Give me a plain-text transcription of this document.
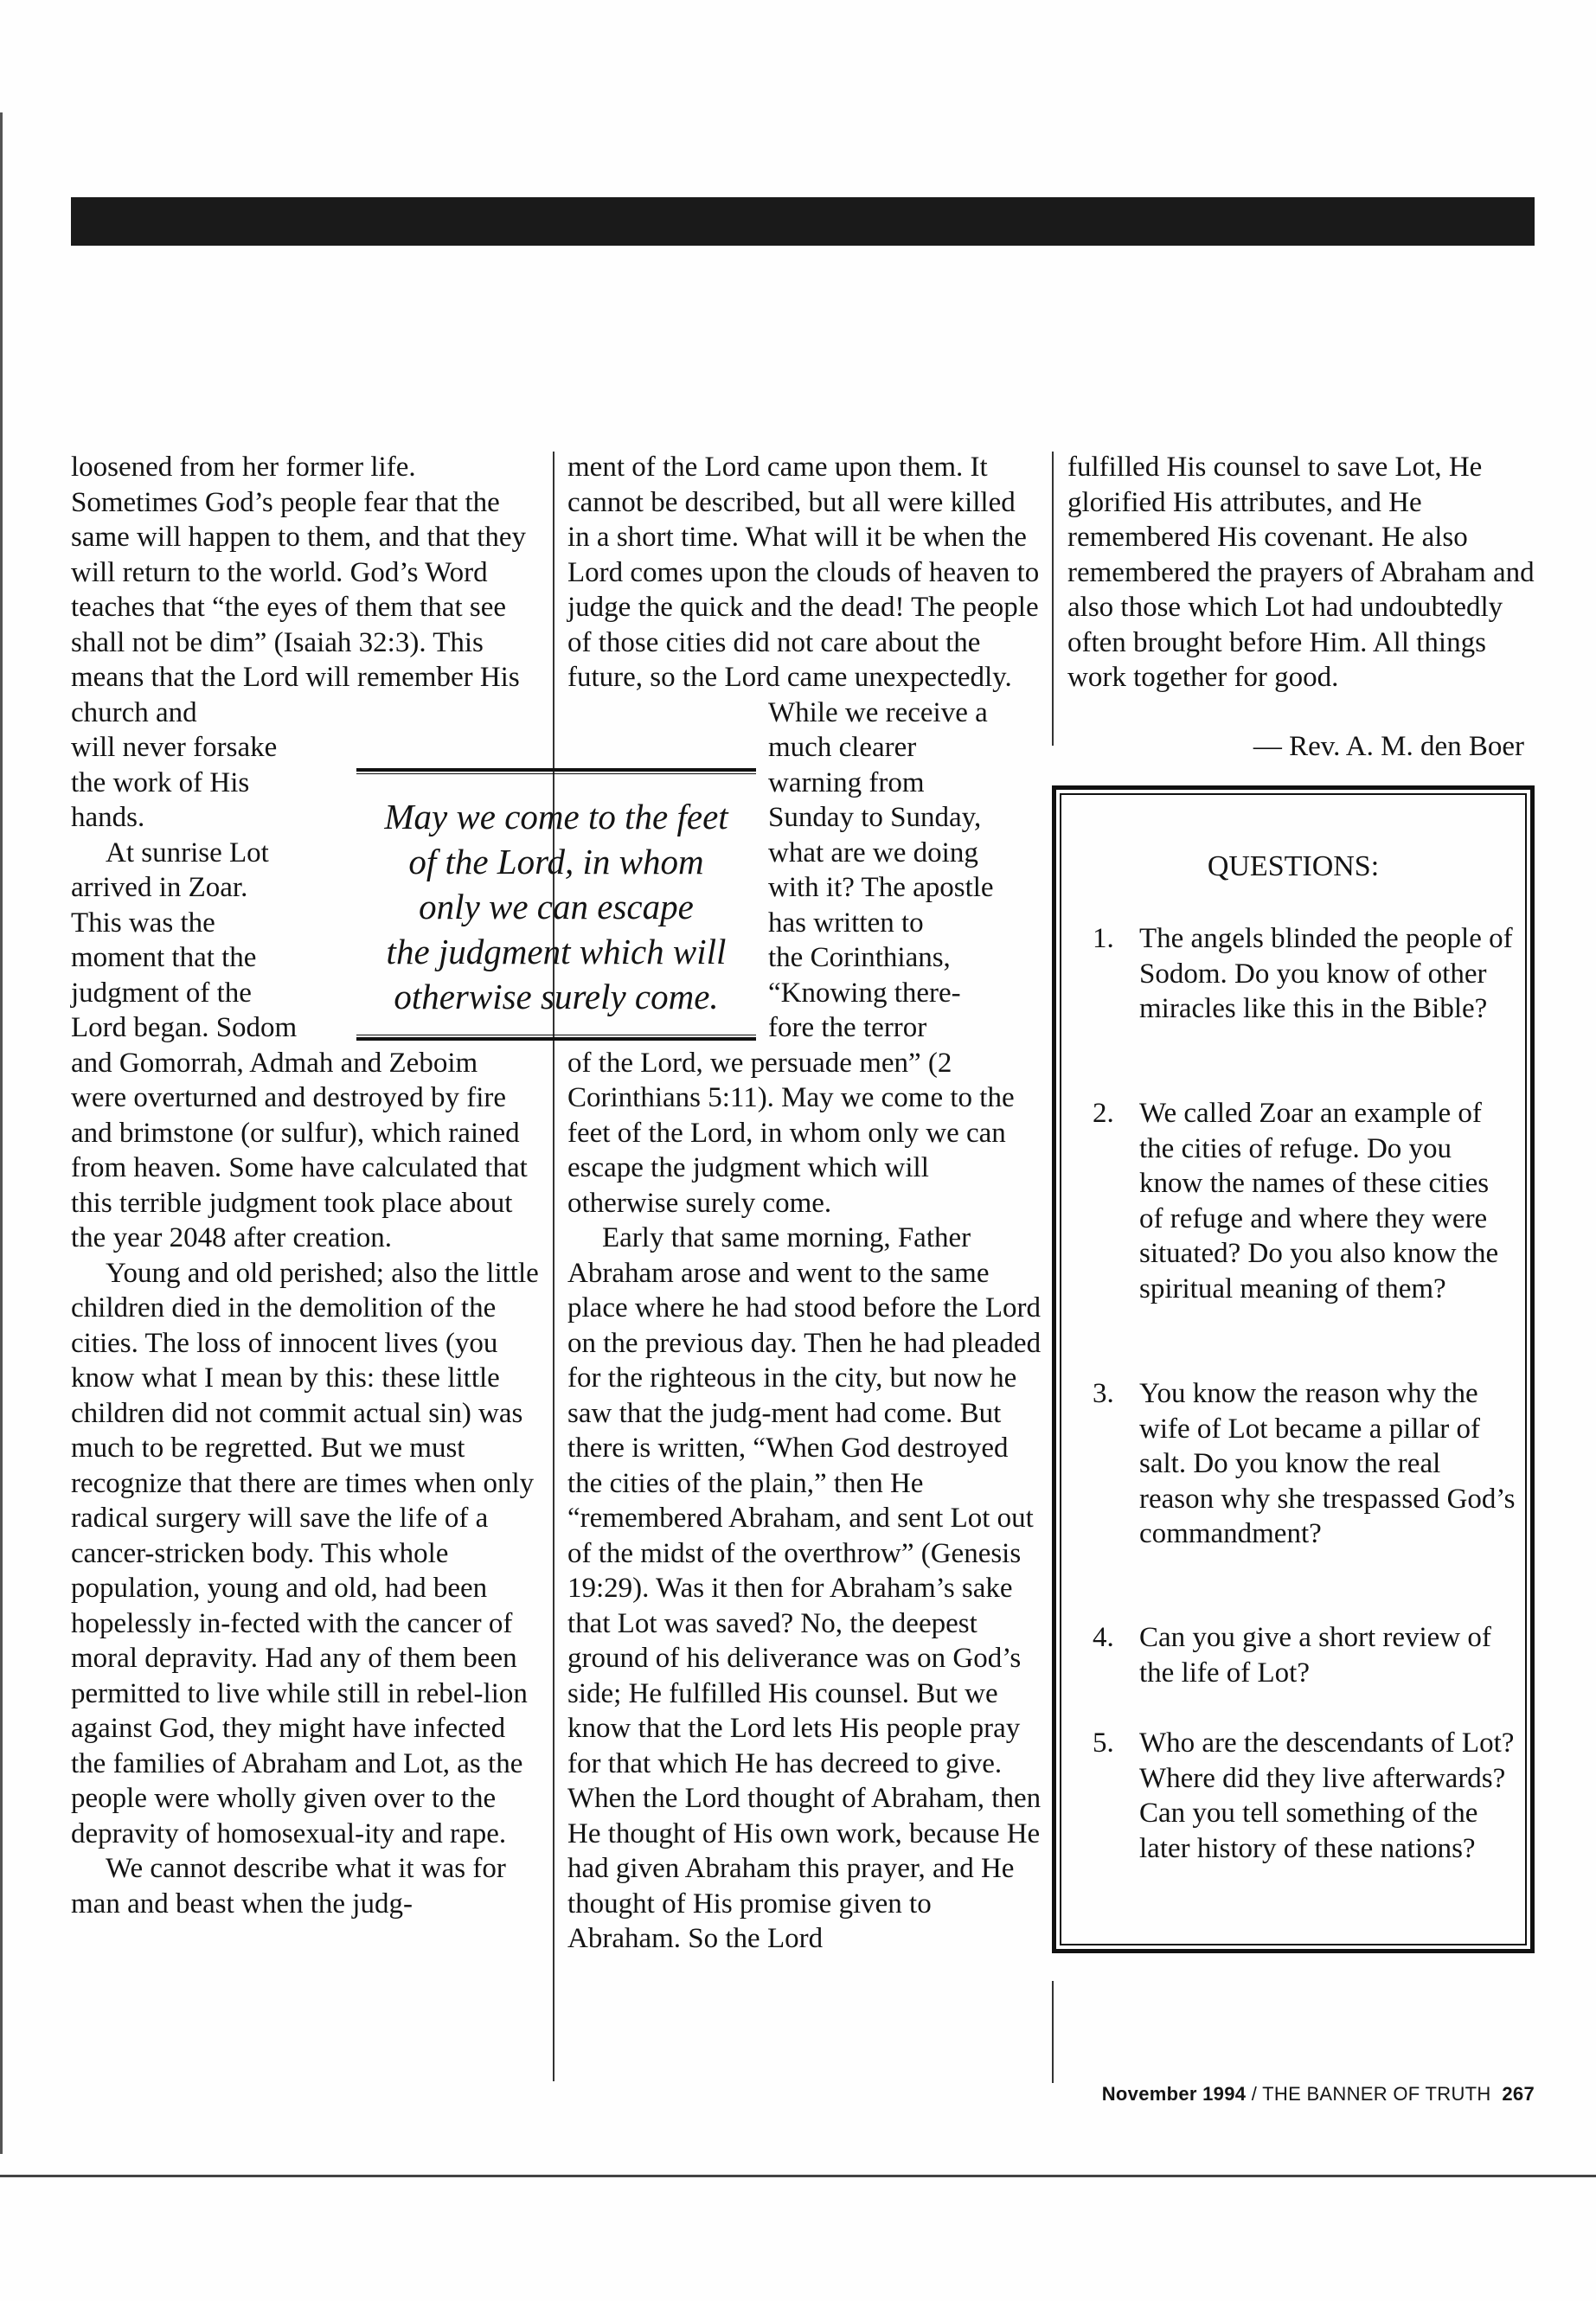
loosened from her former life. Sometimes God’s people fear that the same will happen to them, and that they will return to the world. God’s Word teaches that “the eyes of them that see shall not be dim” (Isaiah 32:3). This means that the Lord will remember His church and

will never forsake
the work of His
hands.

At sunrise Lot
arrived in Zoar.
This was the
moment that the
judgment of the
Lord began. Sodom
and Gomorrah, Admah and Zeboim were overturned and destroyed by fire and brimstone (or sulfur), which rained from heaven. Some have calculated that this terrible judgment took place about the year 2048 after creation.

Young and old perished; also the little children died in the demolition of the cities. The loss of innocent lives (you know what I mean by this: these little children did not commit actual sin) was much to be regretted. But we must recognize that there are times when only radical surgery will save the life of a cancer-stricken body. This whole population, young and old, had been hopelessly in-fected with the cancer of moral depravity. Had any of them been permitted to live while still in rebel-lion against God, they might have infected the families of Abraham and Lot, as the people were wholly given over to the depravity of homosexual-ity and rape.

We cannot describe what it was for man and beast when the judg-

ment of the Lord came upon them. It cannot be described, but all were killed in a short time. What will it be when the Lord comes upon the clouds of heaven to judge the quick and the dead! The people of those cities did not care about the future, so the Lord came unexpectedly.

While we receive a
much clearer
warning from
Sunday to Sunday,
what are we doing
with it? The apostle
has written to
the Corinthians,
“Knowing there-
fore the terror

of the Lord, we persuade men” (2 Corinthians 5:11). May we come to the feet of the Lord, in whom only we can escape the judgment which will otherwise surely come.

Early that same morning, Father Abraham arose and went to the same place where he had stood before the Lord on the previous day. Then he had pleaded for the righteous in the city, but now he saw that the judg-ment had come. But there is written, “When God destroyed the cities of the plain,” then He “remembered Abraham, and sent Lot out of the midst of the overthrow” (Genesis 19:29). Was it then for Abraham’s sake that Lot was saved? No, the deepest ground of his deliverance was on God’s side; He fulfilled His counsel. But we know that the Lord lets His people pray for that which He has decreed to give. When the Lord thought of Abraham, then He thought of His own work, because He had given Abraham this prayer, and He thought of His promise given to Abraham. So the Lord

May we come to the feet
of the Lord, in whom
only we can escape
the judgment which will
otherwise surely come.

fulfilled His counsel to save Lot, He glorified His attributes, and He remembered His covenant. He also remembered the prayers of Abraham and also those which Lot had undoubtedly often brought before Him. All things work together for good.

— Rev. A. M. den Boer
QUESTIONS:
1. The angels blinded the people of Sodom. Do you know of other miracles like this in the Bible?
2. We called Zoar an example of the cities of refuge. Do you know the names of these cities of refuge and where they were situated? Do you also know the spiritual meaning of them?
3. You know the reason why the wife of Lot became a pillar of salt. Do you know the real reason why she trespassed God’s commandment?
4. Can you give a short review of the life of Lot?
5. Who are the descendants of Lot? Where did they live afterwards? Can you tell something of the later history of these nations?
November 1994 / THE BANNER OF TRUTH 267
